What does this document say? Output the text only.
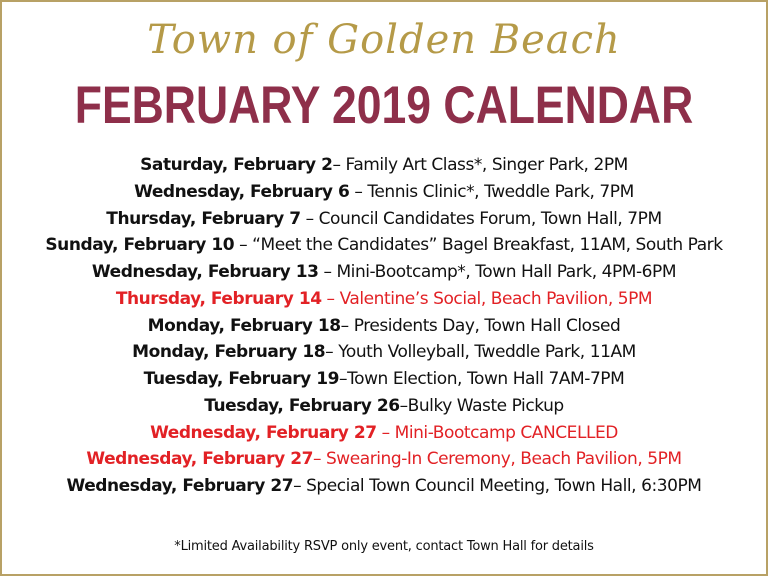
Town of Golden Beach
FEBRUARY 2019 CALENDAR
Saturday, February 2– Family Art Class*, Singer Park, 2PM
Wednesday, February 6 – Tennis Clinic*, Tweddle Park, 7PM
Thursday, February 7 – Council Candidates Forum, Town Hall, 7PM
Sunday, February 10 – “Meet the Candidates” Bagel Breakfast, 11AM, South Park
Wednesday, February 13 – Mini-Bootcamp*, Town Hall Park, 4PM-6PM
Thursday, February 14 – Valentine’s Social, Beach Pavilion, 5PM
Monday, February 18– Presidents Day, Town Hall Closed
Monday, February 18– Youth Volleyball, Tweddle Park, 11AM
Tuesday, February 19–Town Election, Town Hall 7AM-7PM
Tuesday, February 26–Bulky Waste Pickup
Wednesday, February 27 – Mini-Bootcamp CANCELLED
Wednesday, February 27– Swearing-In Ceremony, Beach Pavilion, 5PM
Wednesday, February 27– Special Town Council Meeting, Town Hall, 6:30PM
*Limited Availability RSVP only event, contact Town Hall for details
